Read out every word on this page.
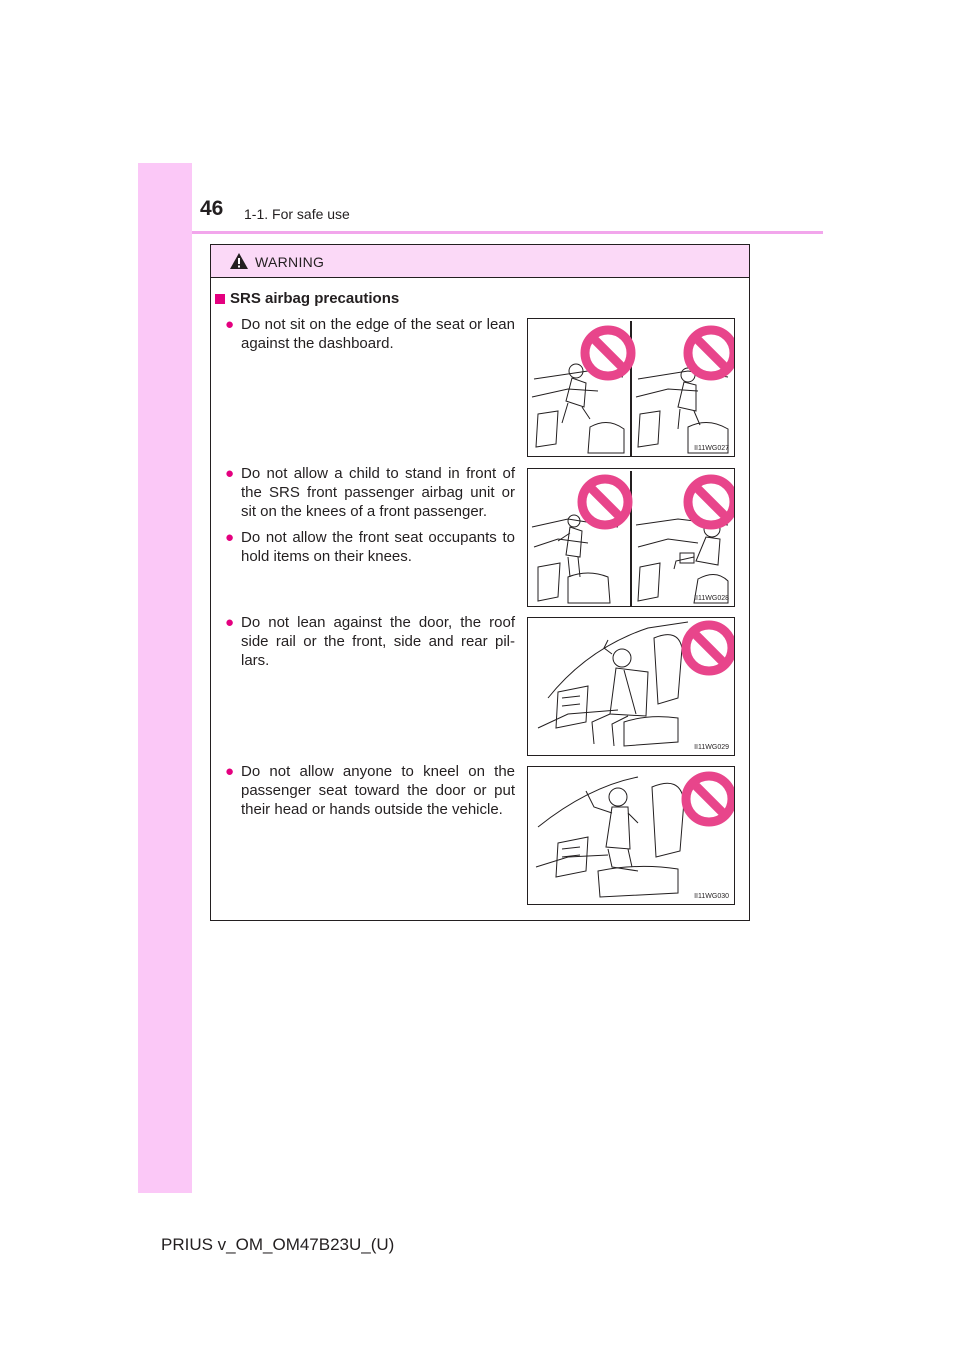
46 1-1. For safe use
WARNING
SRS airbag precautions
● Do not sit on the edge of the seat or lean against the dashboard.
● Do not allow a child to stand in front of the SRS front passenger airbag unit or sit on the knees of a front passenger.
● Do not allow the front seat occupants to hold items on their knees.
● Do not lean against the door, the roof side rail or the front, side and rear pil-lars.
● Do not allow anyone to kneel on the passenger seat toward the door or put their head or hands outside the vehicle.
II11WG027
II11WG028
II11WG029
II11WG030
PRIUS v_OM_OM47B23U_(U)
